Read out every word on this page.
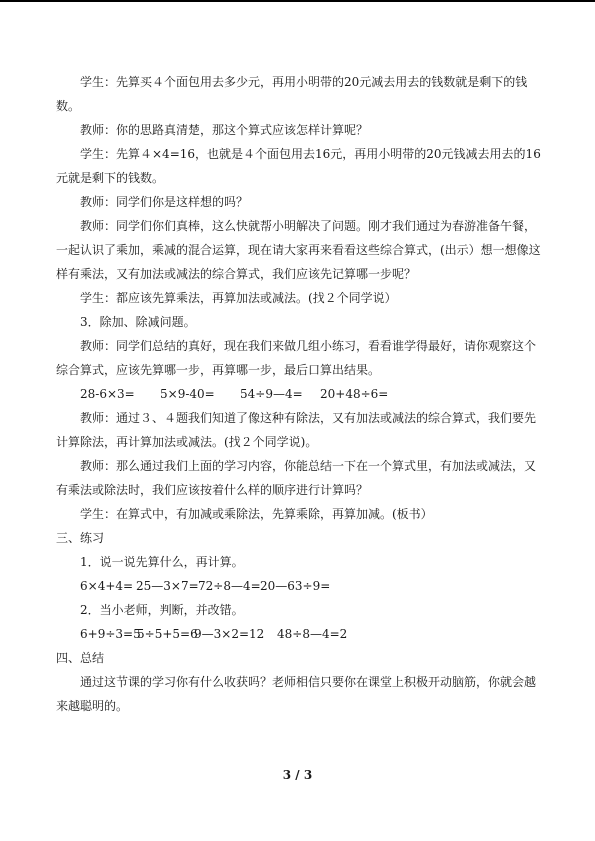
学生：先算买４个面包用去多少元，再用小明带的20元减去用去的钱数就是剩下的钱数。

教师：你的思路真清楚，那这个算式应该怎样计算呢？

学生：先算４×4=16，也就是４个面包用去16元，再用小明带的20元钱减去用去的16元就是剩下的钱数。

教师：同学们你是这样想的吗？

教师：同学们你们真棒，这么快就帮小明解决了问题。刚才我们通过为春游准备午餐，一起认识了乘加，乘减的混合运算，现在请大家再来看看这些综合算式，(出示）想一想像这样有乘法，又有加法或减法的综合算式，我们应该先记算哪一步呢？

学生：都应该先算乘法，再算加法或减法。(找２个同学说）

3．除加、除减问题。

教师：同学们总结的真好，现在我们来做几组小练习，看看谁学得最好，请你观察这个综合算式，应该先算哪一步，再算哪一步，最后口算出结果。

28-6×3=	5×9-40=	54÷9—4=	20+48÷6=

教师：通过３、４题我们知道了像这种有除法，又有加法或减法的综合算式，我们要先计算除法，再计算加法或减法。(找２个同学说)。

教师：那么通过我们上面的学习内容，你能总结一下在一个算式里，有加法或减法，又有乘法或除法时，我们应该按着什么样的顺序进行计算吗？

学生：在算式中，有加减或乘除法，先算乘除，再算加减。(板书）

三、练习

1．说一说先算什么，再计算。

6×4+4= 25—3×7= 72÷8—4= 20—63÷9=

2．当小老师，判断，并改错。

6+9÷3=5
5÷5+5=6
9—3×2=12	48÷8—4=2

四、总结

通过这节课的学习你有什么收获吗？老师相信只要你在课堂上积极开动脑筋，你就会越来越聪明的。

3 / 3
